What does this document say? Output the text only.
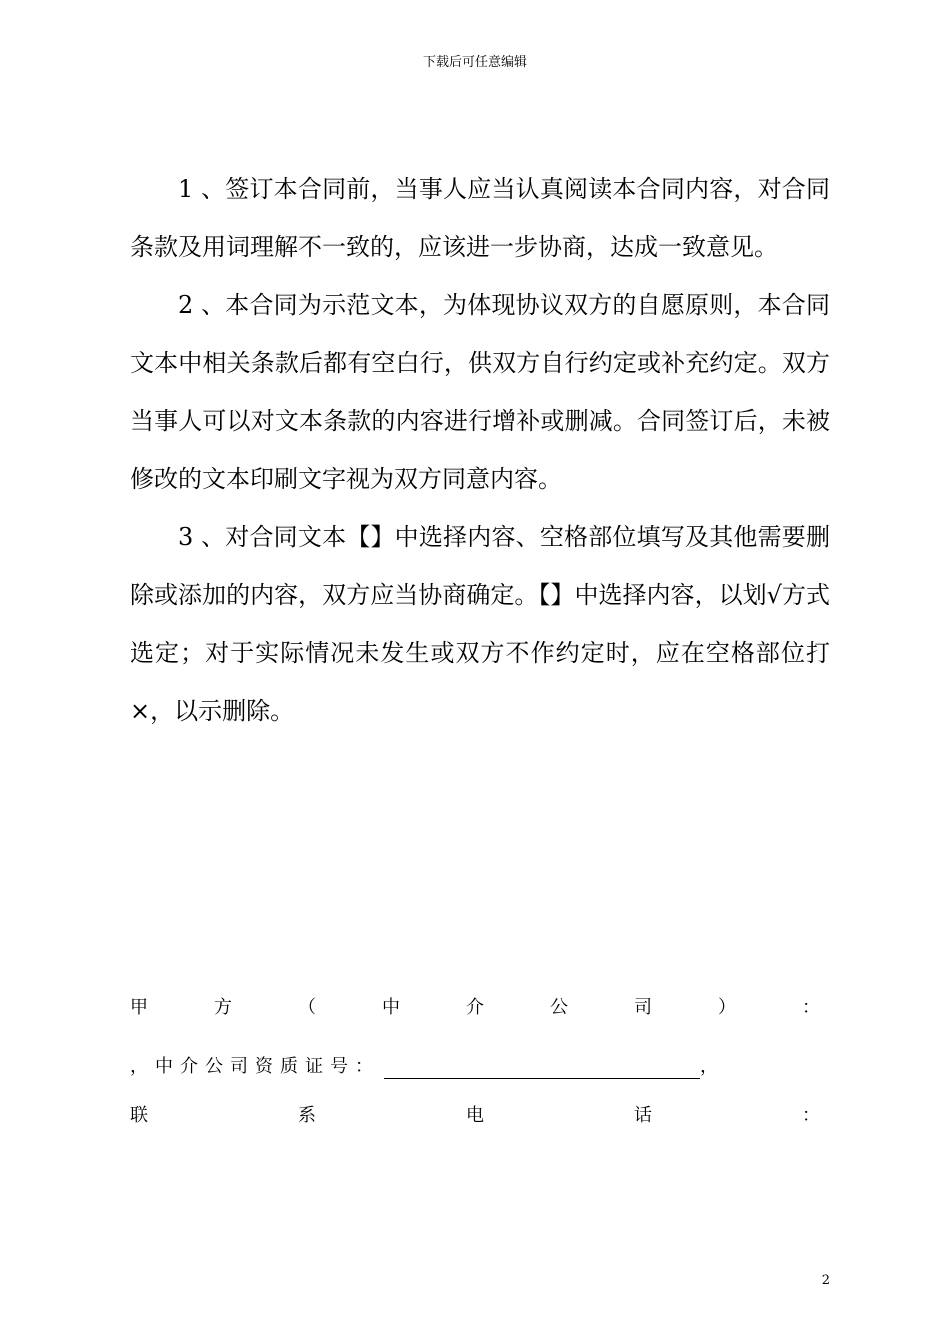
下载后可任意编辑

1 、签订本合同前，当事人应当认真阅读本合同内容，对合同条款及用词理解不一致的，应该进一步协商，达成一致意见。

2 、本合同为示范文本，为体现协议双方的自愿原则，本合同文本中相关条款后都有空白行，供双方自行约定或补充约定。双方当事人可以对文本条款的内容进行增补或删减。合同签订后，未被修改的文本印刷文字视为双方同意内容。

3 、对合同文本【】中选择内容、空格部位填写及其他需要删除或添加的内容，双方应当协商确定。【】中选择内容，以划√方式选定；对于实际情况未发生或双方不作约定时，应在空格部位打×，以示删除。

甲	方	（	中	介	公	司	）	：
，中介公司资质证号：	，
联	系	电	话	：
2
